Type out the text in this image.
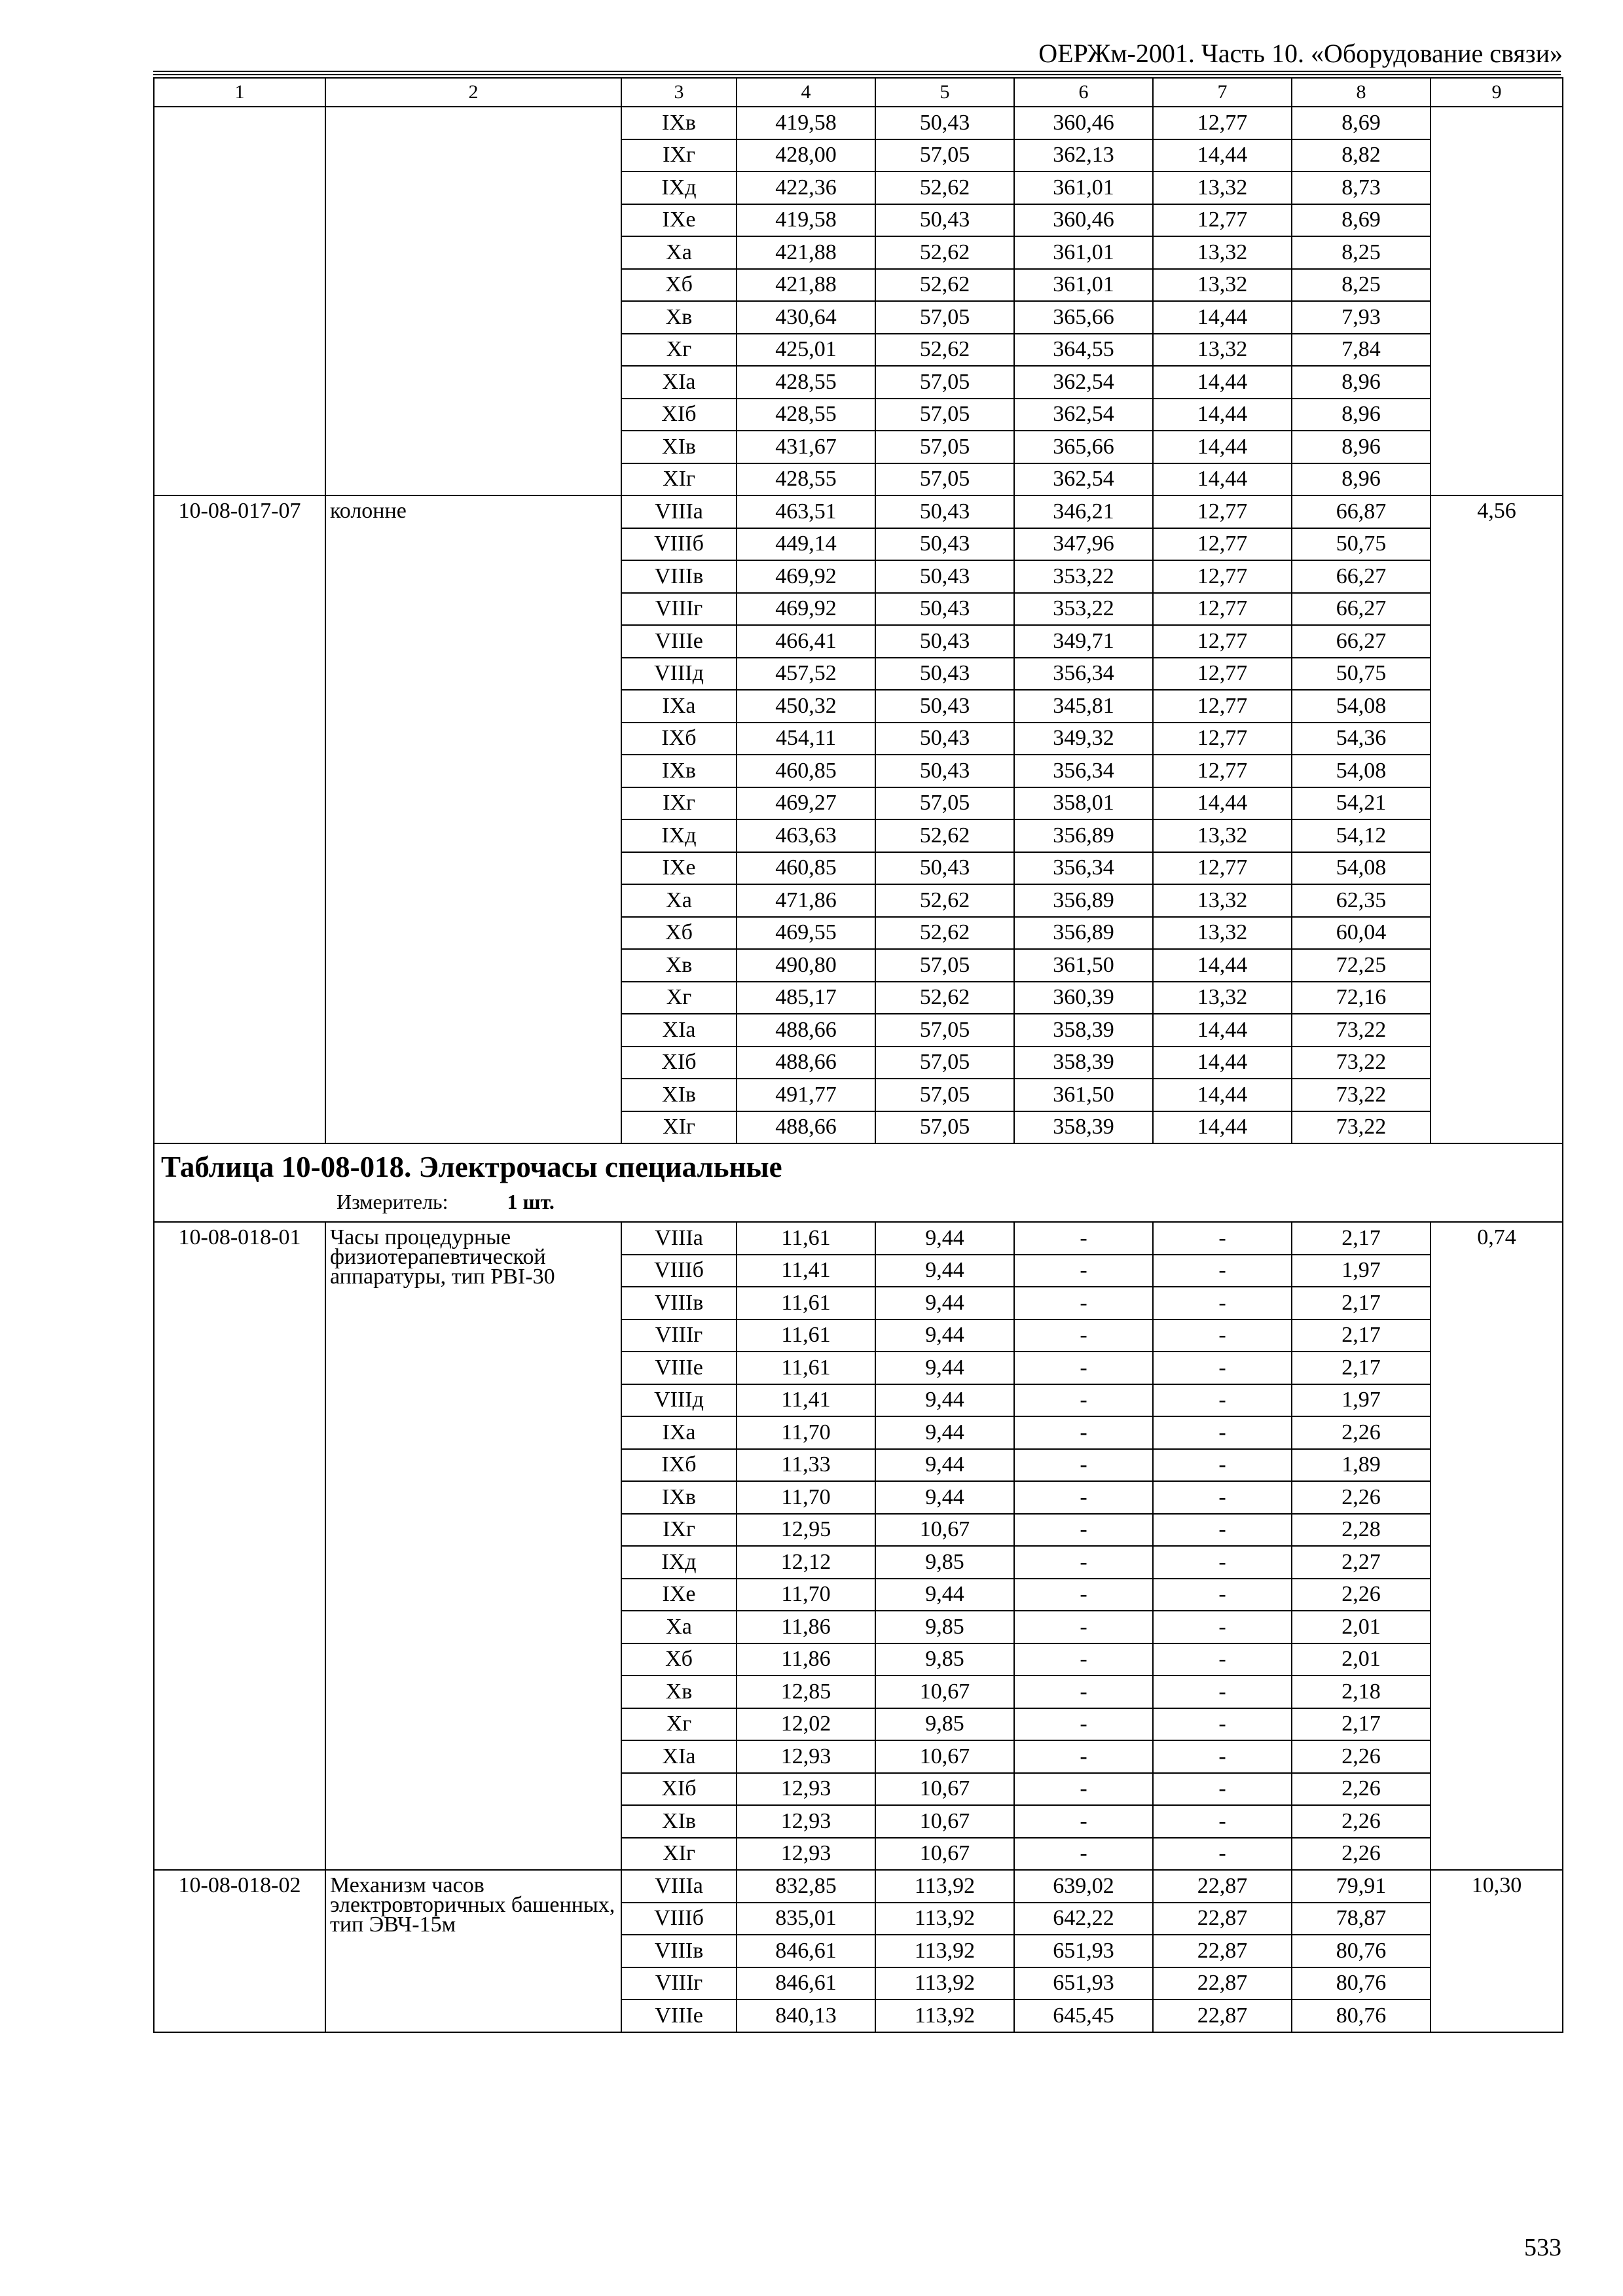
ОЕРЖм-2001. Часть 10. «Оборудование связи»
1	2	3	4	5	6	7	8	9
		IXв	419,58	50,43	360,46	12,77	8,69	
		IXг	428,00	57,05	362,13	14,44	8,82	
		IXд	422,36	52,62	361,01	13,32	8,73	
		IXе	419,58	50,43	360,46	12,77	8,69	
		Xа	421,88	52,62	361,01	13,32	8,25	
		Xб	421,88	52,62	361,01	13,32	8,25	
		Xв	430,64	57,05	365,66	14,44	7,93	
		Xг	425,01	52,62	364,55	13,32	7,84	
		XIа	428,55	57,05	362,54	14,44	8,96	
		XIб	428,55	57,05	362,54	14,44	8,96	
		XIв	431,67	57,05	365,66	14,44	8,96	
		XIг	428,55	57,05	362,54	14,44	8,96	
10-08-017-07	колонне	VIIIа	463,51	50,43	346,21	12,77	66,87	4,56
		VIIIб	449,14	50,43	347,96	12,77	50,75	
		VIIIв	469,92	50,43	353,22	12,77	66,27	
		VIIIг	469,92	50,43	353,22	12,77	66,27	
		VIIIе	466,41	50,43	349,71	12,77	66,27	
		VIIIд	457,52	50,43	356,34	12,77	50,75	
		IXа	450,32	50,43	345,81	12,77	54,08	
		IXб	454,11	50,43	349,32	12,77	54,36	
		IXв	460,85	50,43	356,34	12,77	54,08	
		IXг	469,27	57,05	358,01	14,44	54,21	
		IXд	463,63	52,62	356,89	13,32	54,12	
		IXе	460,85	50,43	356,34	12,77	54,08	
		Xа	471,86	52,62	356,89	13,32	62,35	
		Xб	469,55	52,62	356,89	13,32	60,04	
		Xв	490,80	57,05	361,50	14,44	72,25	
		Xг	485,17	52,62	360,39	13,32	72,16	
		XIа	488,66	57,05	358,39	14,44	73,22	
		XIб	488,66	57,05	358,39	14,44	73,22	
		XIв	491,77	57,05	361,50	14,44	73,22	
		XIг	488,66	57,05	358,39	14,44	73,22	

Таблица 10-08-018. Электрочасы специальные
Измеритель: 1 шт.								

10-08-018-01	Часы процедурные физиотерапевтической аппаратуры, тип PBI-30	VIIIа	11,61	9,44	-	-	2,17	0,74
		VIIIб	11,41	9,44	-	-	1,97	
		VIIIв	11,61	9,44	-	-	2,17	
		VIIIг	11,61	9,44	-	-	2,17	
		VIIIе	11,61	9,44	-	-	2,17	
		VIIIд	11,41	9,44	-	-	1,97	
		IXа	11,70	9,44	-	-	2,26	
		IXб	11,33	9,44	-	-	1,89	
		IXв	11,70	9,44	-	-	2,26	
		IXг	12,95	10,67	-	-	2,28	
		IXд	12,12	9,85	-	-	2,27	
		IXе	11,70	9,44	-	-	2,26	
		Xа	11,86	9,85	-	-	2,01	
		Xб	11,86	9,85	-	-	2,01	
		Xв	12,85	10,67	-	-	2,18	
		Xг	12,02	9,85	-	-	2,17	
		XIа	12,93	10,67	-	-	2,26	
		XIб	12,93	10,67	-	-	2,26	
		XIв	12,93	10,67	-	-	2,26	
		XIг	12,93	10,67	-	-	2,26	
10-08-018-02	Механизм часов электровторичных башенных, тип ЭВЧ-15м	VIIIа	832,85	113,92	639,02	22,87	79,91	10,30
		VIIIб	835,01	113,92	642,22	22,87	78,87	
		VIIIв	846,61	113,92	651,93	22,87	80,76	
		VIIIг	846,61	113,92	651,93	22,87	80,76	
		VIIIе	840,13	113,92	645,45	22,87	80,76	
533
